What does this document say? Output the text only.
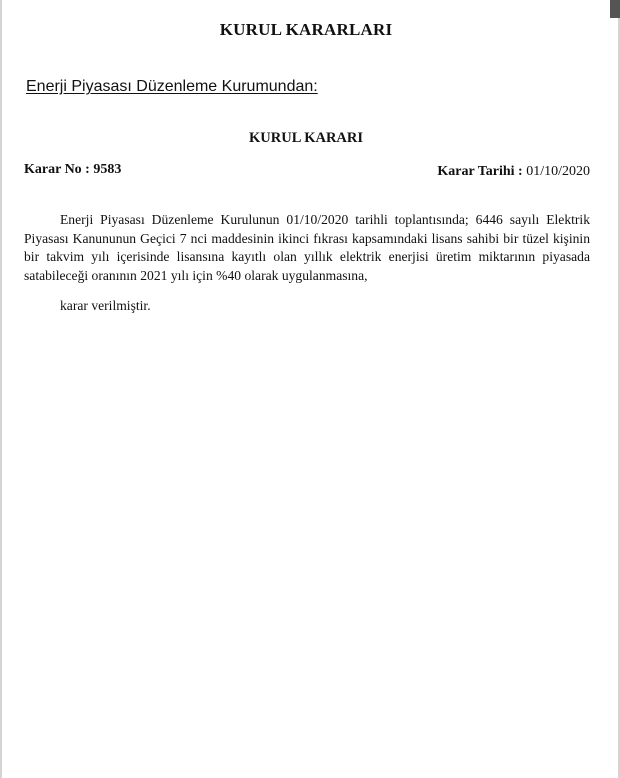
KURUL KARARLARI
Enerji Piyasası Düzenleme Kurumundan:
KURUL KARARI
Karar No : 9583	Karar Tarihi : 01/10/2020

Enerji Piyasası Düzenleme Kurulunun 01/10/2020 tarihli toplantısında; 6446 sayılı Elektrik Piyasası Kanununun Geçici 7 nci maddesinin ikinci fıkrası kapsamındaki lisans sahibi bir tüzel kişinin bir takvim yılı içerisinde lisansına kayıtlı olan yıllık elektrik enerjisi üretim miktarının piyasada satabileceği oranının 2021 yılı için %40 olarak uygulanmasına,

karar verilmiştir.
